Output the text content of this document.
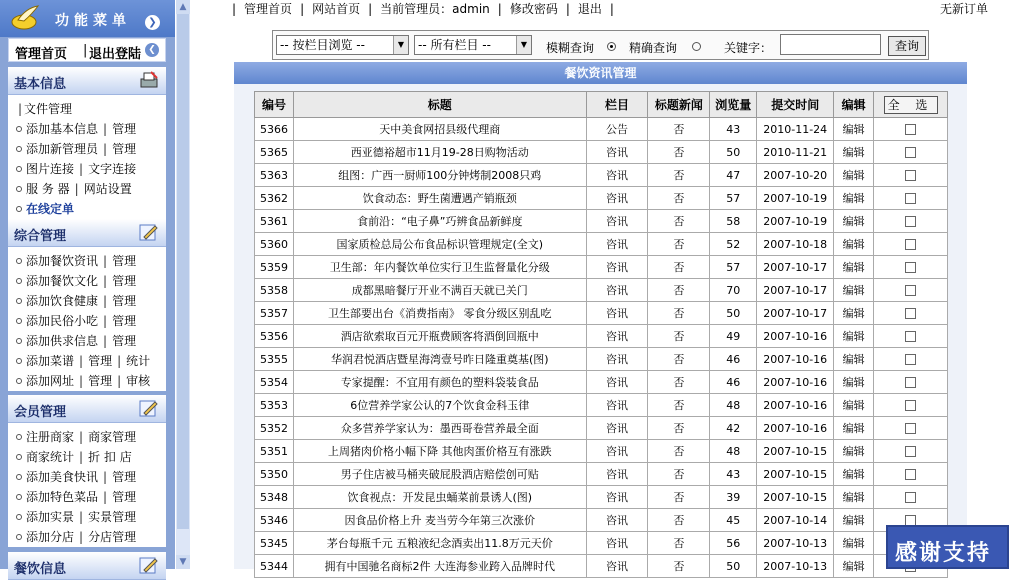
功能菜单	❯
管理首页 | 退出登陆 ❮
基本信息
| 文件管理
添加基本信息 | 管理
添加新管理员 | 管理
图片连接 | 文字连接
服 务 器 | 网站设置
在线定单
综合管理
添加餐饮资讯 | 管理
添加餐饮文化 | 管理
添加饮食健康 | 管理
添加民俗小吃 | 管理
添加供求信息 | 管理
添加菜谱 | 管理 | 统计
添加网址 | 管理 | 审核
会员管理
注册商家 | 商家管理
商家统计 | 折 扣 店
添加美食快讯 | 管理
添加特色菜品 | 管理
添加实景 | 实景管理
添加分店 | 分店管理
餐饮信息
▲
▼
| 管理首页 | 网站首页 | 当前管理员：admin | 修改密码 | 退出 |	无新订单
-- 按栏目浏览 --	▼	-- 所有栏目 --	▼	模糊查询	精确查询	关键字：	查询
餐饮资讯管理
编号	标题	栏目	标题新闻	浏览量	提交时间	编辑	全 选
5366	天中美食网招县级代理商	公告	否	43	2010-11-24	编辑	
5365	西亚德裕超市11月19-28日购物活动	咨讯	否	50	2010-11-21	编辑	
5363	组图：广西一厨师100分钟烤制2008只鸡	咨讯	否	47	2007-10-20	编辑	
5362	饮食动态：野生菌遭遇产销瓶颈	咨讯	否	57	2007-10-19	编辑	
5361	食前沿：“电子鼻”巧辨食品新鲜度	咨讯	否	58	2007-10-19	编辑	
5360	国家质检总局公布食品标识管理规定(全文)	咨讯	否	52	2007-10-18	编辑	
5359	卫生部：年内餐饮单位实行卫生监督量化分级	咨讯	否	57	2007-10-17	编辑	
5358	成都黑暗餐厅开业不满百天就已关门	咨讯	否	70	2007-10-17	编辑	
5357	卫生部要出台《消费指南》 零食分级区别乱吃	咨讯	否	50	2007-10-17	编辑	
5356	酒店欲索取百元开瓶费顾客将酒倒回瓶中	咨讯	否	49	2007-10-16	编辑	
5355	华润君悦酒店暨星海湾壹号昨日隆重奠基(图)	咨讯	否	46	2007-10-16	编辑	
5354	专家提醒：不宜用有颜色的塑料袋装食品	咨讯	否	46	2007-10-16	编辑	
5353	6位营养学家公认的7个饮食金科玉律	咨讯	否	48	2007-10-16	编辑	
5352	众多营养学家认为：墨西哥卷营养最全面	咨讯	否	42	2007-10-16	编辑	
5351	上周猪肉价格小幅下降 其他肉蛋价格互有涨跌	咨讯	否	48	2007-10-15	编辑	
5350	男子住店被马桶夹破屁股酒店赔偿创可贴	咨讯	否	43	2007-10-15	编辑	
5348	饮食视点：开发昆虫蛹菜前景诱人(图)	咨讯	否	39	2007-10-15	编辑	
5346	因食品价格上升 麦当劳今年第三次涨价	咨讯	否	45	2007-10-14	编辑	
5345	茅台每瓶千元 五粮液纪念酒卖出11.8万元天价	咨讯	否	56	2007-10-13	编辑	
5344	拥有中国驰名商标2件 大连海参业跨入品牌时代	咨讯	否	50	2007-10-13	编辑	
感谢支持
